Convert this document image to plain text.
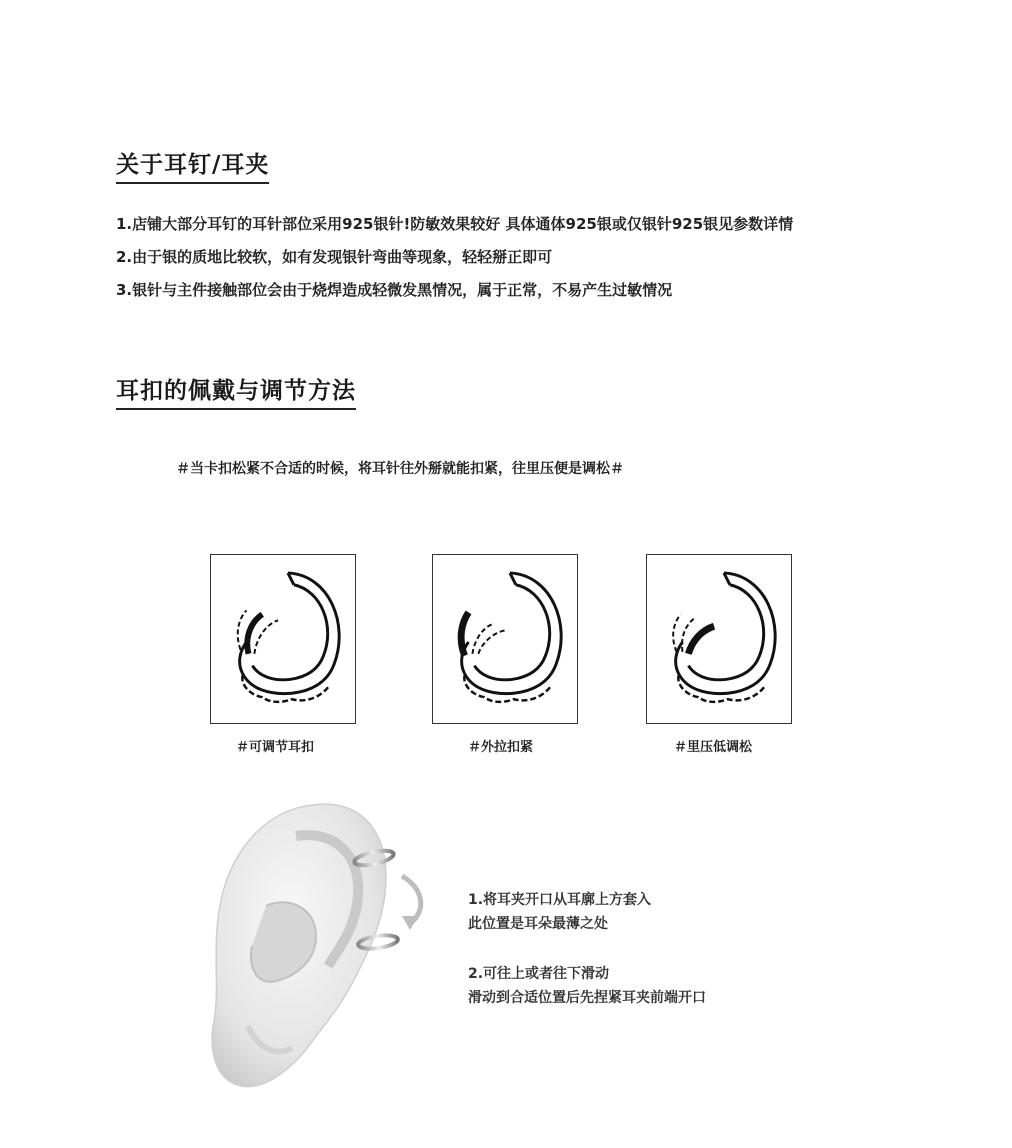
关于耳钉/耳夹
1.店铺大部分耳钉的耳针部位采用925银针!防敏效果较好 具体通体925银或仅银针925银见参数详情
2.由于银的质地比较软，如有发现银针弯曲等现象，轻轻掰正即可
3.银针与主件接触部位会由于烧焊造成轻微发黑情况，属于正常，不易产生过敏情况
耳扣的佩戴与调节方法
＃当卡扣松紧不合适的时候，将耳针往外掰就能扣紧，往里压便是调松＃
＃可调节耳扣	＃外拉扣紧	＃里压低调松
1.将耳夹开口从耳廓上方套入
此位置是耳朵最薄之处
2.可往上或者往下滑动
滑动到合适位置后先捏紧耳夹前端开口
